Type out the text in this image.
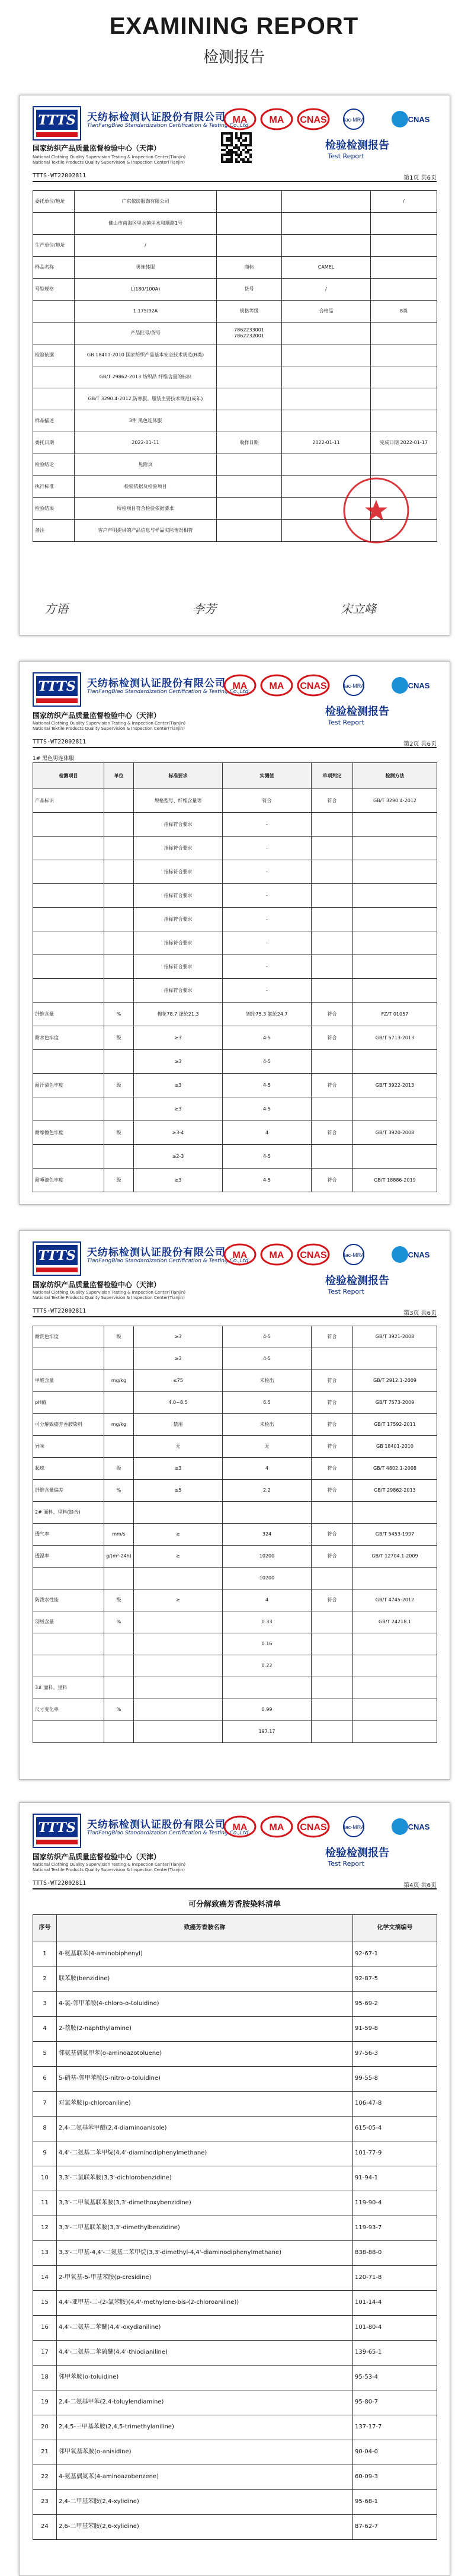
EXAMINING REPORT
检测报告
TTTS 天纺标检测认证股份有限公司
TianFangBiao Standardization Certification & Testing Co.,Ltd.
国家纺织产品质量监督检验中心（天津）
National Clothing Quality Supervision Testing & Inspection Center(Tianjin)
National Textile Products Quality Supervision & Inspection Center(Tianjin)
MA MA CNAS	ilac-MRA	CNAS
检验检测报告
Test Report
TTTS-WT22002811	第1页 共6页
委托单位/地址	广东依纺服饰有限公司			/
	佛山市南海区里水镇里水和顺路1号			
生产单位/地址	/			
样品名称	男连体服	商标	CAMEL	
号型规格	L(180/100A)	货号	/	
	1.175/92A	规格等级	合格品	8类
	产品批号/货号	7862233001 7862232001		
检验依据	GB 18401-2010 国家纺织产品基本安全技术规范(B类)			
	GB/T 29862-2013 纺织品 纤维含量的标识			
	GB/T 3290.4-2012 防寒服、服装主要技术规范(成年)			
样品描述	3件 黑色连体服			
委托日期	2022-01-11	收样日期	2022-01-11	完成日期 2022-01-17
检验结论	见附页			
执行标准	检验依据及检验项目			
检验结果	所检项目符合检验依据要求			
备注	客户声明提供的产品信息与样品实际情况相符			
方语	李芳	宋立峰
TTTS 天纺标检测认证股份有限公司
TianFangBiao Standardization Certification & Testing Co.,Ltd.
国家纺织产品质量监督检验中心（天津）
National Clothing Quality Supervision Testing & Inspection Center(Tianjin)
National Textile Products Quality Supervision & Inspection Center(Tianjin)
MA MA CNAS	ilac-MRA	CNAS
检验检测报告
Test Report
TTTS-WT22002811	第2页 共6页
1# 黑色男连体服
检测项目	单位	标准要求	实测值	单项判定	检测方法
产品标识		规格型号、纤维含量等	符合	符合	GB/T 3290.4-2012
		指标符合要求	-		
		指标符合要求	-		
		指标符合要求	-		
		指标符合要求	-		
		指标符合要求	-		
		指标符合要求	-		
		指标符合要求	-		
		指标符合要求	-		
纤维含量	%	棉花78.7 涤纶21.3	锦纶75.3 氨纶24.7	符合	FZ/T 01057
耐水色牢度	级	≥3	4-5	符合	GB/T 5713-2013
		≥3	4-5		
耐汗渍色牢度	级	≥3	4-5	符合	GB/T 3922-2013
		≥3	4-5		
耐摩擦色牢度	级	≥3-4	4	符合	GB/T 3920-2008
		≥2-3	4-5		
耐唾液色牢度	级	≥3	4-5	符合	GB/T 18886-2019
TTTS 天纺标检测认证股份有限公司
TianFangBiao Standardization Certification & Testing Co.,Ltd.
国家纺织产品质量监督检验中心（天津）
National Clothing Quality Supervision Testing & Inspection Center(Tianjin)
National Textile Products Quality Supervision & Inspection Center(Tianjin)
MA MA CNAS	ilac-MRA	CNAS
检验检测报告
Test Report
TTTS-WT22002811	第3页 共6页
耐洗色牢度	级	≥3	4-5	符合	GB/T 3921-2008
		≥3	4-5		
甲醛含量	mg/kg	≤75	未检出	符合	GB/T 2912.1-2009
pH值		4.0~8.5	6.5	符合	GB/T 7573-2009
可分解致癌芳香胺染料	mg/kg	禁用	未检出	符合	GB/T 17592-2011
异味		无	无	符合	GB 18401-2010
起球	级	≥3	4	符合	GB/T 4802.1-2008
纤维含量偏差	%	≤5	2.2	符合	GB/T 29862-2013
2# 面料、里料(缝合)					
透气率	mm/s	≥	324	符合	GB/T 5453-1997
透湿率	g/(m²·24h)	≥	10200	符合	GB/T 12704.1-2009
			10200		
防泼水性能	级	≥	4	符合	GB/T 4745-2012
羽绒含量	%		0.33		GB/T 24218.1
			0.16		
			0.22		
3# 面料、里料					
尺寸变化率	%		0.99		
			197.17		
TTTS 天纺标检测认证股份有限公司
TianFangBiao Standardization Certification & Testing Co.,Ltd.
国家纺织产品质量监督检验中心（天津）
National Clothing Quality Supervision Testing & Inspection Center(Tianjin)
National Textile Products Quality Supervision & Inspection Center(Tianjin)
MA MA CNAS	ilac-MRA	CNAS
检验检测报告
Test Report
TTTS-WT22002811	第4页 共6页
可分解致癌芳香胺染料清单
序号	致癌芳香胺名称	化学文摘编号
1	4-氨基联苯(4-aminobiphenyl)	92-67-1
2	联苯胺(benzidine)	92-87-5
3	4-氯-邻甲苯胺(4-chloro-o-toluidine)	95-69-2
4	2-萘胺(2-naphthylamine)	91-59-8
5	邻氨基偶氮甲苯(o-aminoazotoluene)	97-56-3
6	5-硝基-邻甲苯胺(5-nitro-o-toluidine)	99-55-8
7	对氯苯胺(p-chloroaniline)	106-47-8
8	2,4-二氨基苯甲醚(2,4-diaminoanisole)	615-05-4
9	4,4'-二氨基二苯甲烷(4,4'-diaminodiphenylmethane)	101-77-9
10	3,3'-二氯联苯胺(3,3'-dichlorobenzidine)	91-94-1
11	3,3'-二甲氧基联苯胺(3,3'-dimethoxybenzidine)	119-90-4
12	3,3'-二甲基联苯胺(3,3'-dimethylbenzidine)	119-93-7
13	3,3'-二甲基-4,4'-二氨基二苯甲烷(3,3'-dimethyl-4,4'-diaminodiphenylmethane)	838-88-0
14	2-甲氧基-5-甲基苯胺(p-cresidine)	120-71-8
15	4,4'-亚甲基-二-(2-氯苯胺)(4,4'-methylene-bis-(2-chloroaniline))	101-14-4
16	4,4'-二氨基二苯醚(4,4'-oxydianiline)	101-80-4
17	4,4'-二氨基二苯硫醚(4,4'-thiodianiline)	139-65-1
18	邻甲苯胺(o-toluidine)	95-53-4
19	2,4-二氨基甲苯(2,4-toluylendiamine)	95-80-7
20	2,4,5-三甲基苯胺(2,4,5-trimethylaniline)	137-17-7
21	邻甲氧基苯胺(o-anisidine)	90-04-0
22	4-氨基偶氮苯(4-aminoazobenzene)	60-09-3
23	2,4-二甲基苯胺(2,4-xylidine)	95-68-1
24	2,6-二甲基苯胺(2,6-xylidine)	87-62-7
